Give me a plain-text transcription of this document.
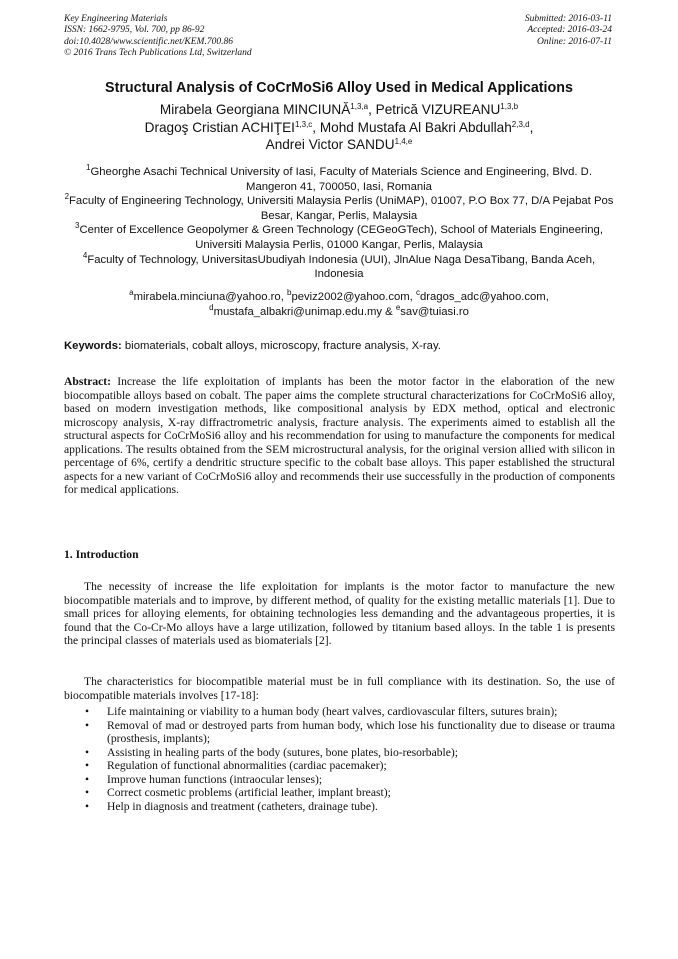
Key Engineering Materials
ISSN: 1662-9795, Vol. 700, pp 86-92
doi:10.4028/www.scientific.net/KEM.700.86
© 2016 Trans Tech Publications Ltd, Switzerland
Submitted: 2016-03-11
Accepted: 2016-03-24
Online: 2016-07-11
Structural Analysis of CoCrMoSi6 Alloy Used in Medical Applications
Mirabela Georgiana MINCIUNĂ$^{1,3,a}$, Petrică VIZUREANU$^{1,3,b}$
Dragoş Cristian ACHIŢEI$^{1,3,c}$, Mohd Mustafa Al Bakri Abdullah$^{2,3,d}$,
Andrei Victor SANDU$^{1,4,e}$
$^1$Gheorghe Asachi Technical University of Iasi, Faculty of Materials Science and Engineering, Blvd. D. Mangeron 41, 700050, Iasi, Romania
$^2$Faculty of Engineering Technology, Universiti Malaysia Perlis (UniMAP), 01007, P.O Box 77, D/A Pejabat Pos Besar, Kangar, Perlis, Malaysia
$^3$Center of Excellence Geopolymer & Green Technology (CEGeoGTech), School of Materials Engineering, Universiti Malaysia Perlis, 01000 Kangar, Perlis, Malaysia
$^4$Faculty of Technology, UniversitasUbudiyah Indonesia (UUI), JlnAlue Naga DesaTibang, Banda Aceh, Indonesia
$^a$mirabela.minciuna@yahoo.ro, $^b$peviz2002@yahoo.com, $^c$dragos_adc@yahoo.com,
$^d$mustafa_albakri@unimap.edu.my & $^e$sav@tuiasi.ro
Keywords: biomaterials, cobalt alloys, microscopy, fracture analysis, X-ray.

Abstract: Increase the life exploitation of implants has been the motor factor in the elaboration of the new biocompatible alloys based on cobalt. The paper aims the complete structural characterizations for CoCrMoSi6 alloy, based on modern investigation methods, like compositional analysis by EDX method, optical and electronic microscopy analysis, X-ray diffractrometric analysis, fracture analysis. The experiments aimed to establish all the structural aspects for CoCrMoSi6 alloy and his recommendation for using to manufacture the components for medical applications. The results obtained from the SEM microstructural analysis, for the original version allied with silicon in percentage of 6%, certify a dendritic structure specific to the cobalt base alloys. This paper established the structural aspects for a new variant of CoCrMoSi6 alloy and recommends their use successfully in the production of components for medical applications.

1. Introduction

The necessity of increase the life exploitation for implants is the motor factor to manufacture the new biocompatible materials and to improve, by different method, of quality for the existing metallic materials [1]. Due to small prices for alloying elements, for obtaining technologies less demanding and the advantageous properties, it is found that the Co-Cr-Mo alloys have a large utilization, followed by titanium based alloys. In the table 1 is presents the principal classes of materials used as biomaterials [2].

The characteristics for biocompatible material must be in full compliance with its destination. So, the use of biocompatible materials involves [17-18]:

• Life maintaining or viability to a human body (heart valves, cardiovascular filters, sutures brain);
• Removal of mad or destroyed parts from human body, which lose his functionality due to disease or trauma (prosthesis, implants);
• Assisting in healing parts of the body (sutures, bone plates, bio-resorbable);
• Regulation of functional abnormalities (cardiac pacemaker);
• Improve human functions (intraocular lenses);
• Correct cosmetic problems (artificial leather, implant breast);
• Help in diagnosis and treatment (catheters, drainage tube).
